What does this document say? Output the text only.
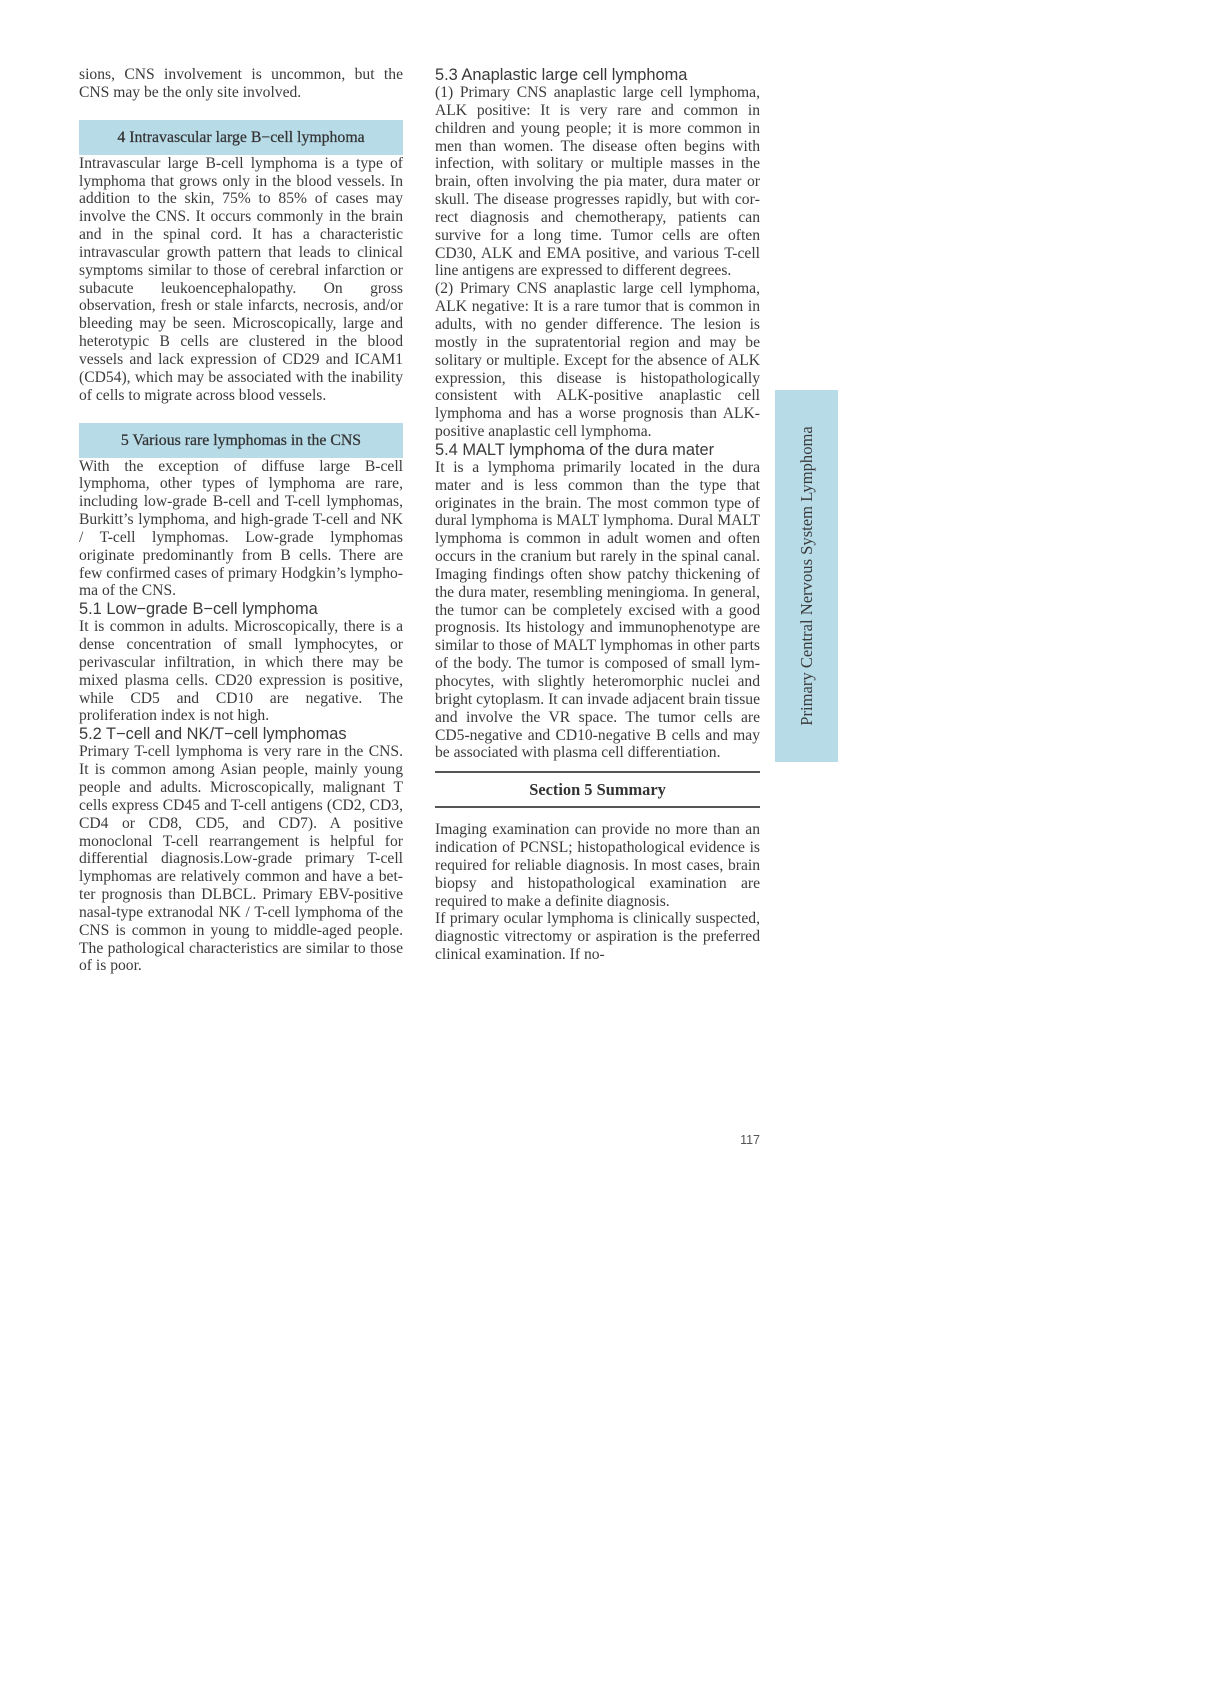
sions, CNS involvement is uncommon, but the CNS may be the only site involved.

4 Intravascular large B−cell lymphoma

Intravascular large B-cell lymphoma is a type of lymphoma that grows only in the blood vessels. In addition to the skin, 75% to 85% of cases may involve the CNS. It occurs commonly in the brain and in the spinal cord. It has a characteristic intravascular growth pattern that leads to clinical symptoms similar to those of cerebral infarction or subacute leukoencephalopathy. On gross observation, fresh or stale infarcts, necrosis, and/or bleeding may be seen. Microscopically, large and heterotypic B cells are clustered in the blood vessels and lack expression of CD29 and ICAM1 (CD54), which may be associated with the inability of cells to migrate across blood vessels.

5 Various rare lymphomas in the CNS

With the exception of diffuse large B-cell lymphoma, other types of lymphoma are rare, including low-grade B-cell and T-cell lymphomas, Burkitt’s lymphoma, and high-grade T-cell and NK / T-cell lymphomas. Low-grade lymphomas originate predominantly from B cells. There are few confirmed cases of primary Hodgkin’s lymphoma of the CNS.

5.1 Low−grade B−cell lymphoma

It is common in adults. Microscopically, there is a dense concentration of small lymphocytes, or perivascular infiltration, in which there may be mixed plasma cells. CD20 expression is positive, while CD5 and CD10 are negative. The proliferation index is not high.

5.2 T−cell and NK/T−cell lymphomas

Primary T-cell lymphoma is very rare in the CNS. It is common among Asian people, mainly young people and adults. Microscopically, malignant T cells express CD45 and T-cell antigens (CD2, CD3, CD4 or CD8, CD5, and CD7). A positive monoclonal T-cell rearrangement is helpful for differential diagnosis.Low-grade primary T-cell lymphomas are relatively common and have a better prognosis than DLBCL. Primary EBV-positive nasal-type extranodal NK / T-cell lymphoma of the CNS is common in young to middle-aged people. The pathological characteristics are similar to those of is poor.

5.3 Anaplastic large cell lymphoma

(1) Primary CNS anaplastic large cell lymphoma, ALK positive: It is very rare and common in children and young people; it is more common in men than women. The disease often begins with infection, with solitary or multiple masses in the brain, often involving the pia mater, dura mater or skull. The disease progresses rapidly, but with correct diagnosis and chemotherapy, patients can survive for a long time. Tumor cells are often CD30, ALK and EMA positive, and various T-cell line antigens are expressed to different degrees.

(2) Primary CNS anaplastic large cell lymphoma, ALK negative: It is a rare tumor that is common in adults, with no gender difference. The lesion is mostly in the supratentorial region and may be solitary or multiple. Except for the absence of ALK expression, this disease is histopathologically consistent with ALK-positive anaplastic cell lymphoma and has a worse prognosis than ALK-positive anaplastic cell lymphoma.

5.4 MALT lymphoma of the dura mater

It is a lymphoma primarily located in the dura mater and is less common than the type that originates in the brain. The most common type of dural lymphoma is MALT lymphoma. Dural MALT lymphoma is common in adult women and often occurs in the cranium but rarely in the spinal canal. Imaging findings often show patchy thickening of the dura mater, resembling meningioma. In general, the tumor can be completely excised with a good prognosis. Its histology and immunophenotype are similar to those of MALT lymphomas in other parts of the body. The tumor is composed of small lymphocytes, with slightly heteromorphic nuclei and bright cytoplasm. It can invade adjacent brain tissue and involve the VR space. The tumor cells are CD5-negative and CD10-negative B cells and may be associated with plasma cell differentiation.

Section 5 Summary

Imaging examination can provide no more than an indication of PCNSL; histopathological evidence is required for reliable diagnosis. In most cases, brain biopsy and histopathological examination are required to make a definite diagnosis.

If primary ocular lymphoma is clinically suspected, diagnostic vitrectomy or aspiration is the preferred clinical examination. If no-

Primary Central Nervous System Lymphoma
117
